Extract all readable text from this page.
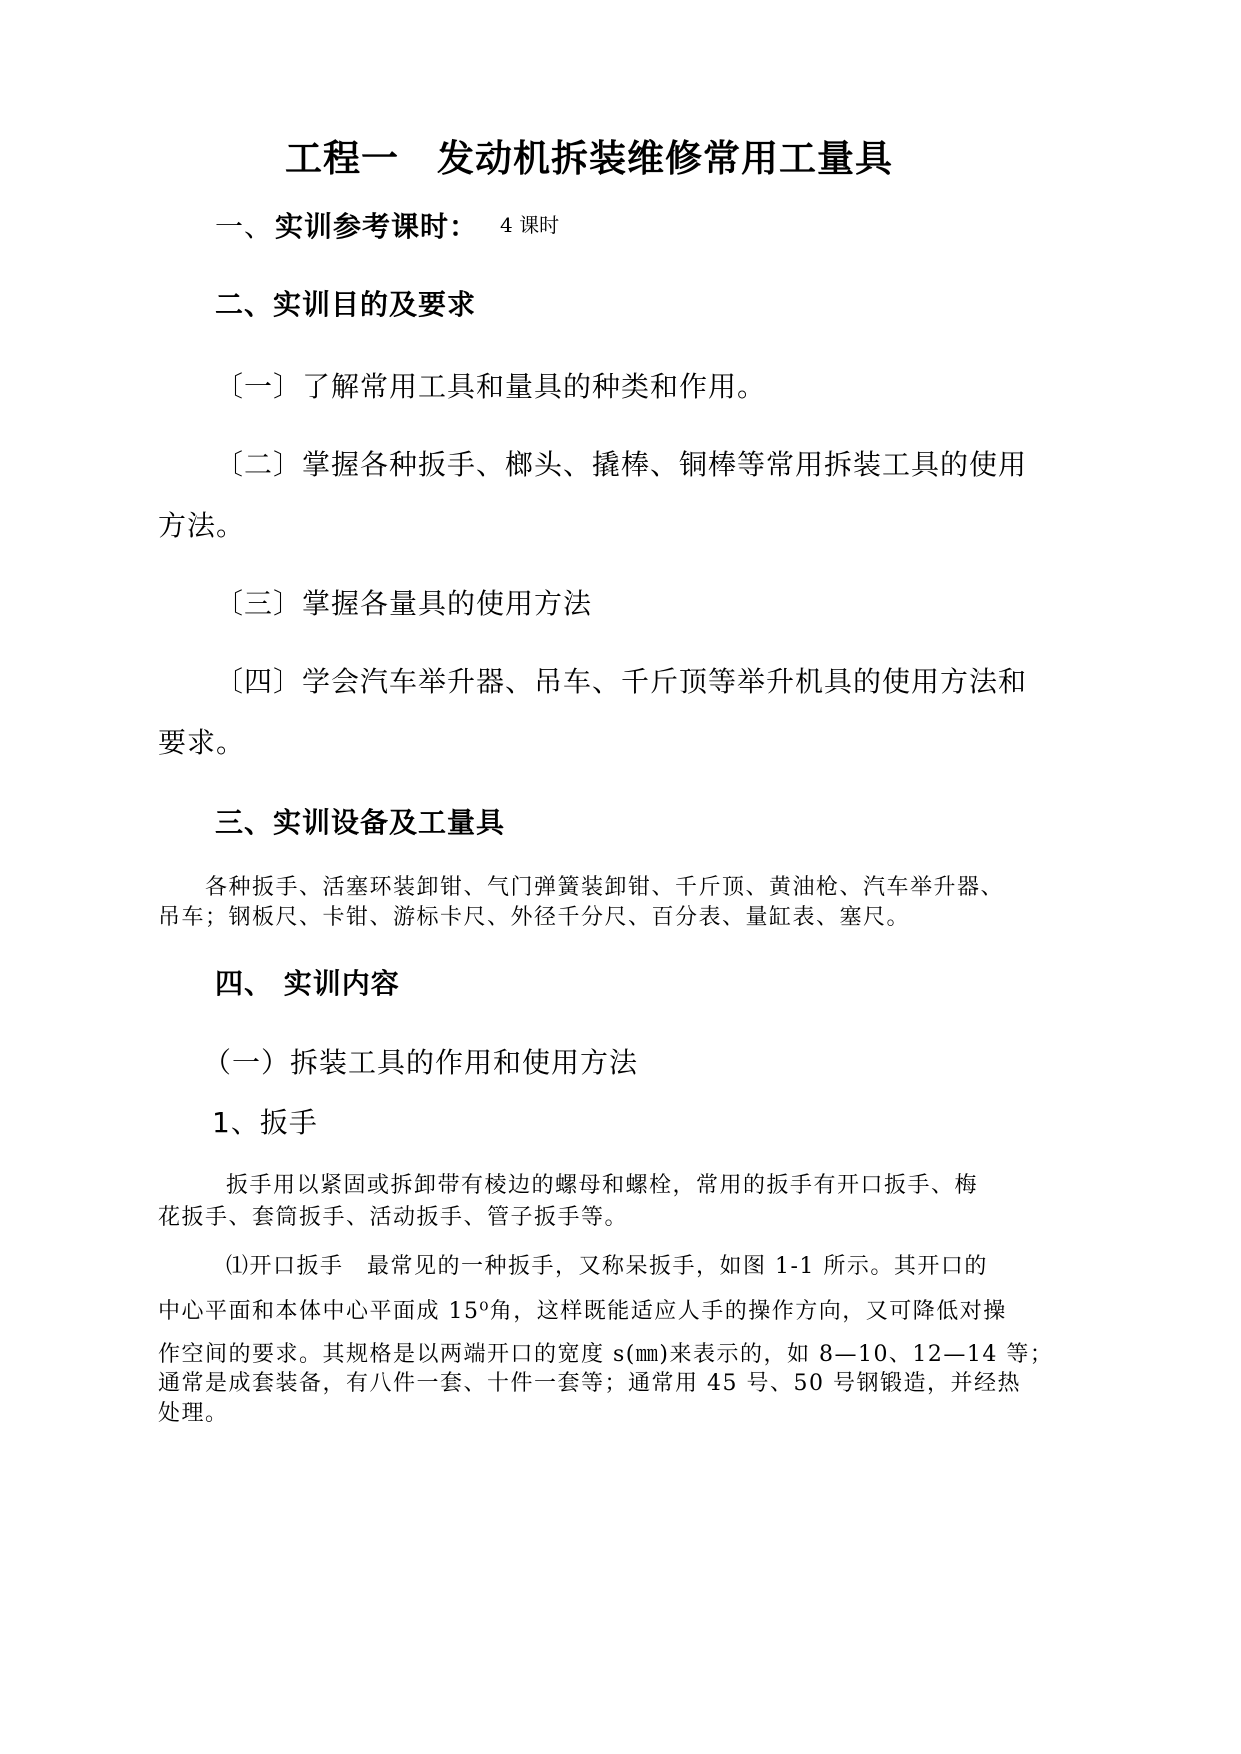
工程一　发动机拆装维修常用工量具
一、 实训参考课时： 4 课时
二、实训目的及要求
〔一〕了解常用工具和量具的种类和作用。
〔二〕掌握各种扳手、榔头、撬棒、铜棒等常用拆装工具的使用
方法。
〔三〕掌握各量具的使用方法
〔四〕学会汽车举升器、吊车、千斤顶等举升机具的使用方法和
要求。
三、实训设备及工量具
各种扳手、活塞环装卸钳、气门弹簧装卸钳、千斤顶、黄油枪、汽车举升器、
吊车；钢板尺、卡钳、游标卡尺、外径千分尺、百分表、量缸表、塞尺。
四、 实训内容
（一）拆装工具的作用和使用方法
1、扳手
扳手用以紧固或拆卸带有棱边的螺母和螺栓，常用的扳手有开口扳手、梅
花扳手、套筒扳手、活动扳手、管子扳手等。
⑴开口扳手　最常见的一种扳手，又称呆扳手，如图 1-1 所示。其开口的
中心平面和本体中心平面成 15⁰角，这样既能适应人手的操作方向，又可降低对操
作空间的要求。其规格是以两端开口的宽度 s(㎜)来表示的，如 8—10、12—14 等；
通常是成套装备，有八件一套、十件一套等；通常用 45 号、50 号钢锻造，并经热
处理。
